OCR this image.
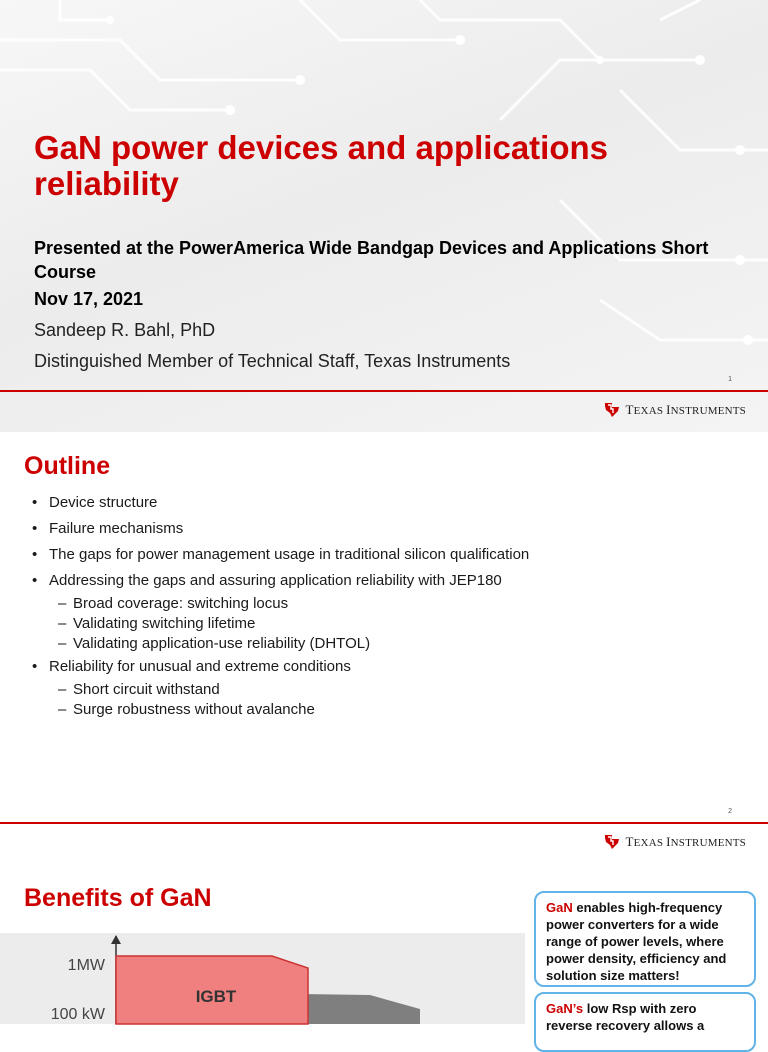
GaN power devices and applications reliability
Presented at the PowerAmerica Wide Bandgap Devices and Applications Short Course
Nov 17, 2021
Sandeep R. Bahl, PhD
Distinguished Member of Technical Staff, Texas Instruments
1
TEXAS INSTRUMENTS
Outline
• Device structure
• Failure mechanisms
• The gaps for power management usage in traditional silicon qualification
• Addressing the gaps and assuring application reliability with JEP180
– Broad coverage: switching locus
– Validating switching lifetime
– Validating application-use reliability (DHTOL)
• Reliability for unusual and extreme conditions
– Short circuit withstand
– Surge robustness without avalanche
2
TEXAS INSTRUMENTS
Benefits of GaN
IGBT
1MW
100 kW
GaN enables high-frequency power converters for a wide range of power levels, where power density, efficiency and solution size matters!
GaN’s low Rsp with zero reverse recovery allows a
